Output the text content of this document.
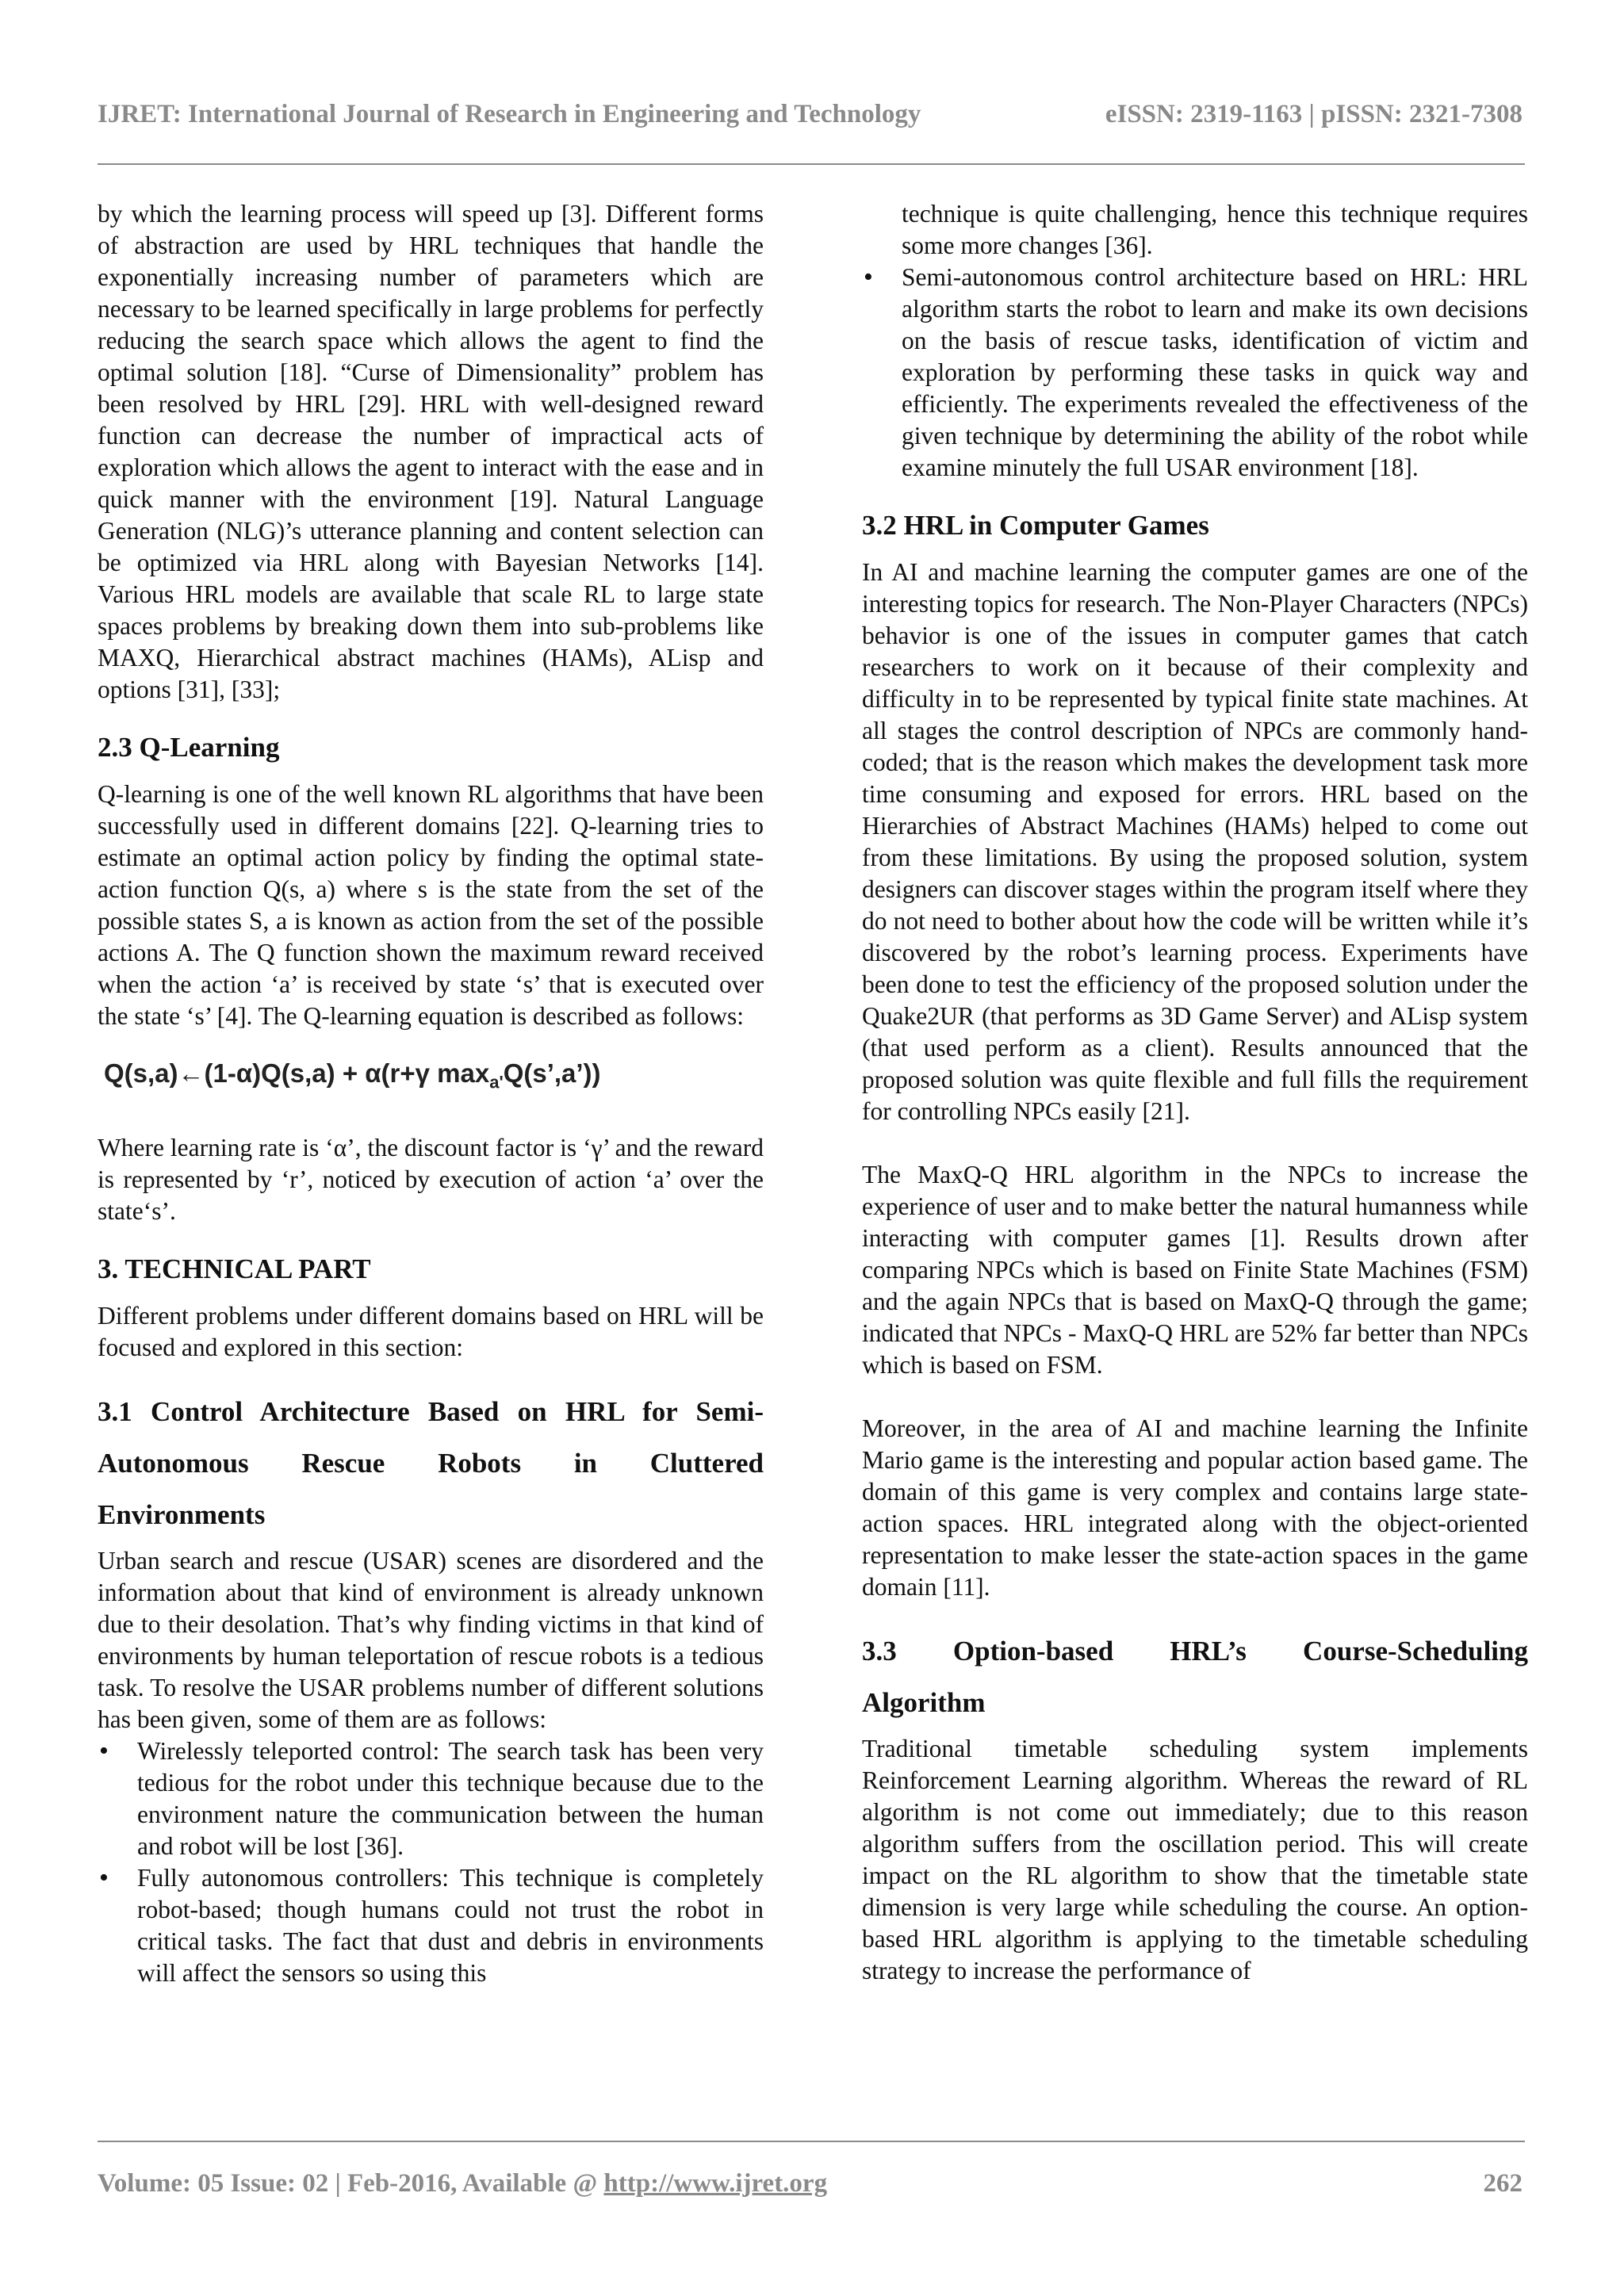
IJRET: International Journal of Research in Engineering and Technology	eISSN: 2319-1163 | pISSN: 2321-7308

by which the learning process will speed up [3]. Different forms of abstraction are used by HRL techniques that handle the exponentially increasing number of parameters which are necessary to be learned specifically in large problems for perfectly reducing the search space which allows the agent to find the optimal solution [18]. “Curse of Dimensionality” problem has been resolved by HRL [29]. HRL with well-designed reward function can decrease the number of impractical acts of exploration which allows the agent to interact with the ease and in quick manner with the environment [19]. Natural Language Generation (NLG)’s utterance planning and content selection can be optimized via HRL along with Bayesian Networks [14]. Various HRL models are available that scale RL to large state spaces problems by breaking down them into sub-problems like MAXQ, Hierarchical abstract machines (HAMs), ALisp and options [31], [33];

2.3 Q-Learning

Q-learning is one of the well known RL algorithms that have been successfully used in different domains [22]. Q-learning tries to estimate an optimal action policy by finding the optimal state-action function Q(s, a) where s is the state from the set of the possible states S, a is known as action from the set of the possible actions A. The Q function shown the maximum reward received when the action ‘a’ is received by state ‘s’ that is executed over the state ‘s’ [4]. The Q-learning equation is described as follows:

Q(s,a)←(1-α)Q(s,a) + α(r+γ $\max_{a'}Q(s’,a’)$)

Where learning rate is ‘α’, the discount factor is ‘γ’ and the reward is represented by ‘r’, noticed by execution of action ‘a’ over the state‘s’.

3. TECHNICAL PART

Different problems under different domains based on HRL will be focused and explored in this section:

3.1 Control Architecture Based on HRL for Semi-
Autonomous Rescue Robots in Cluttered
Environments

Urban search and rescue (USAR) scenes are disordered and the information about that kind of environment is already unknown due to their desolation. That’s why finding victims in that kind of environments by human teleportation of rescue robots is a tedious task. To resolve the USAR problems number of different solutions has been given, some of them are as follows:

• Wirelessly teleported control: The search task has been very tedious for the robot under this technique because due to the environment nature the communication between the human and robot will be lost [36].
• Fully autonomous controllers: This technique is completely robot-based; though humans could not trust the robot in critical tasks. The fact that dust and debris in environments will affect the sensors so using this

technique is quite challenging, hence this technique requires some more changes [36].

• Semi-autonomous control architecture based on HRL: HRL algorithm starts the robot to learn and make its own decisions on the basis of rescue tasks, identification of victim and exploration by performing these tasks in quick way and efficiently. The experiments revealed the effectiveness of the given technique by determining the ability of the robot while examine minutely the full USAR environment [18].
3.2 HRL in Computer Games

In AI and machine learning the computer games are one of the interesting topics for research. The Non-Player Characters (NPCs) behavior is one of the issues in computer games that catch researchers to work on it because of their complexity and difficulty in to be represented by typical finite state machines. At all stages the control description of NPCs are commonly hand-coded; that is the reason which makes the development task more time consuming and exposed for errors. HRL based on the Hierarchies of Abstract Machines (HAMs) helped to come out from these limitations. By using the proposed solution, system designers can discover stages within the program itself where they do not need to bother about how the code will be written while it’s discovered by the robot’s learning process. Experiments have been done to test the efficiency of the proposed solution under the Quake2UR (that performs as 3D Game Server) and ALisp system (that used perform as a client). Results announced that the proposed solution was quite flexible and full fills the requirement for controlling NPCs easily [21].

The MaxQ-Q HRL algorithm in the NPCs to increase the experience of user and to make better the natural humanness while interacting with computer games [1]. Results drown after comparing NPCs which is based on Finite State Machines (FSM) and the again NPCs that is based on MaxQ-Q through the game; indicated that NPCs - MaxQ-Q HRL are 52% far better than NPCs which is based on FSM.

Moreover, in the area of AI and machine learning the Infinite Mario game is the interesting and popular action based game. The domain of this game is very complex and contains large state-action spaces. HRL integrated along with the object-oriented representation to make lesser the state-action spaces in the game domain [11].

3.3 Option-based HRL’s Course-Scheduling
Algorithm

Traditional timetable scheduling system implements Reinforcement Learning algorithm. Whereas the reward of RL algorithm is not come out immediately; due to this reason algorithm suffers from the oscillation period. This will create impact on the RL algorithm to show that the timetable state dimension is very large while scheduling the course. An option-based HRL algorithm is applying to the timetable scheduling strategy to increase the performance of

Volume: 05 Issue: 02 | Feb-2016, Available @ http://www.ijret.org	262
